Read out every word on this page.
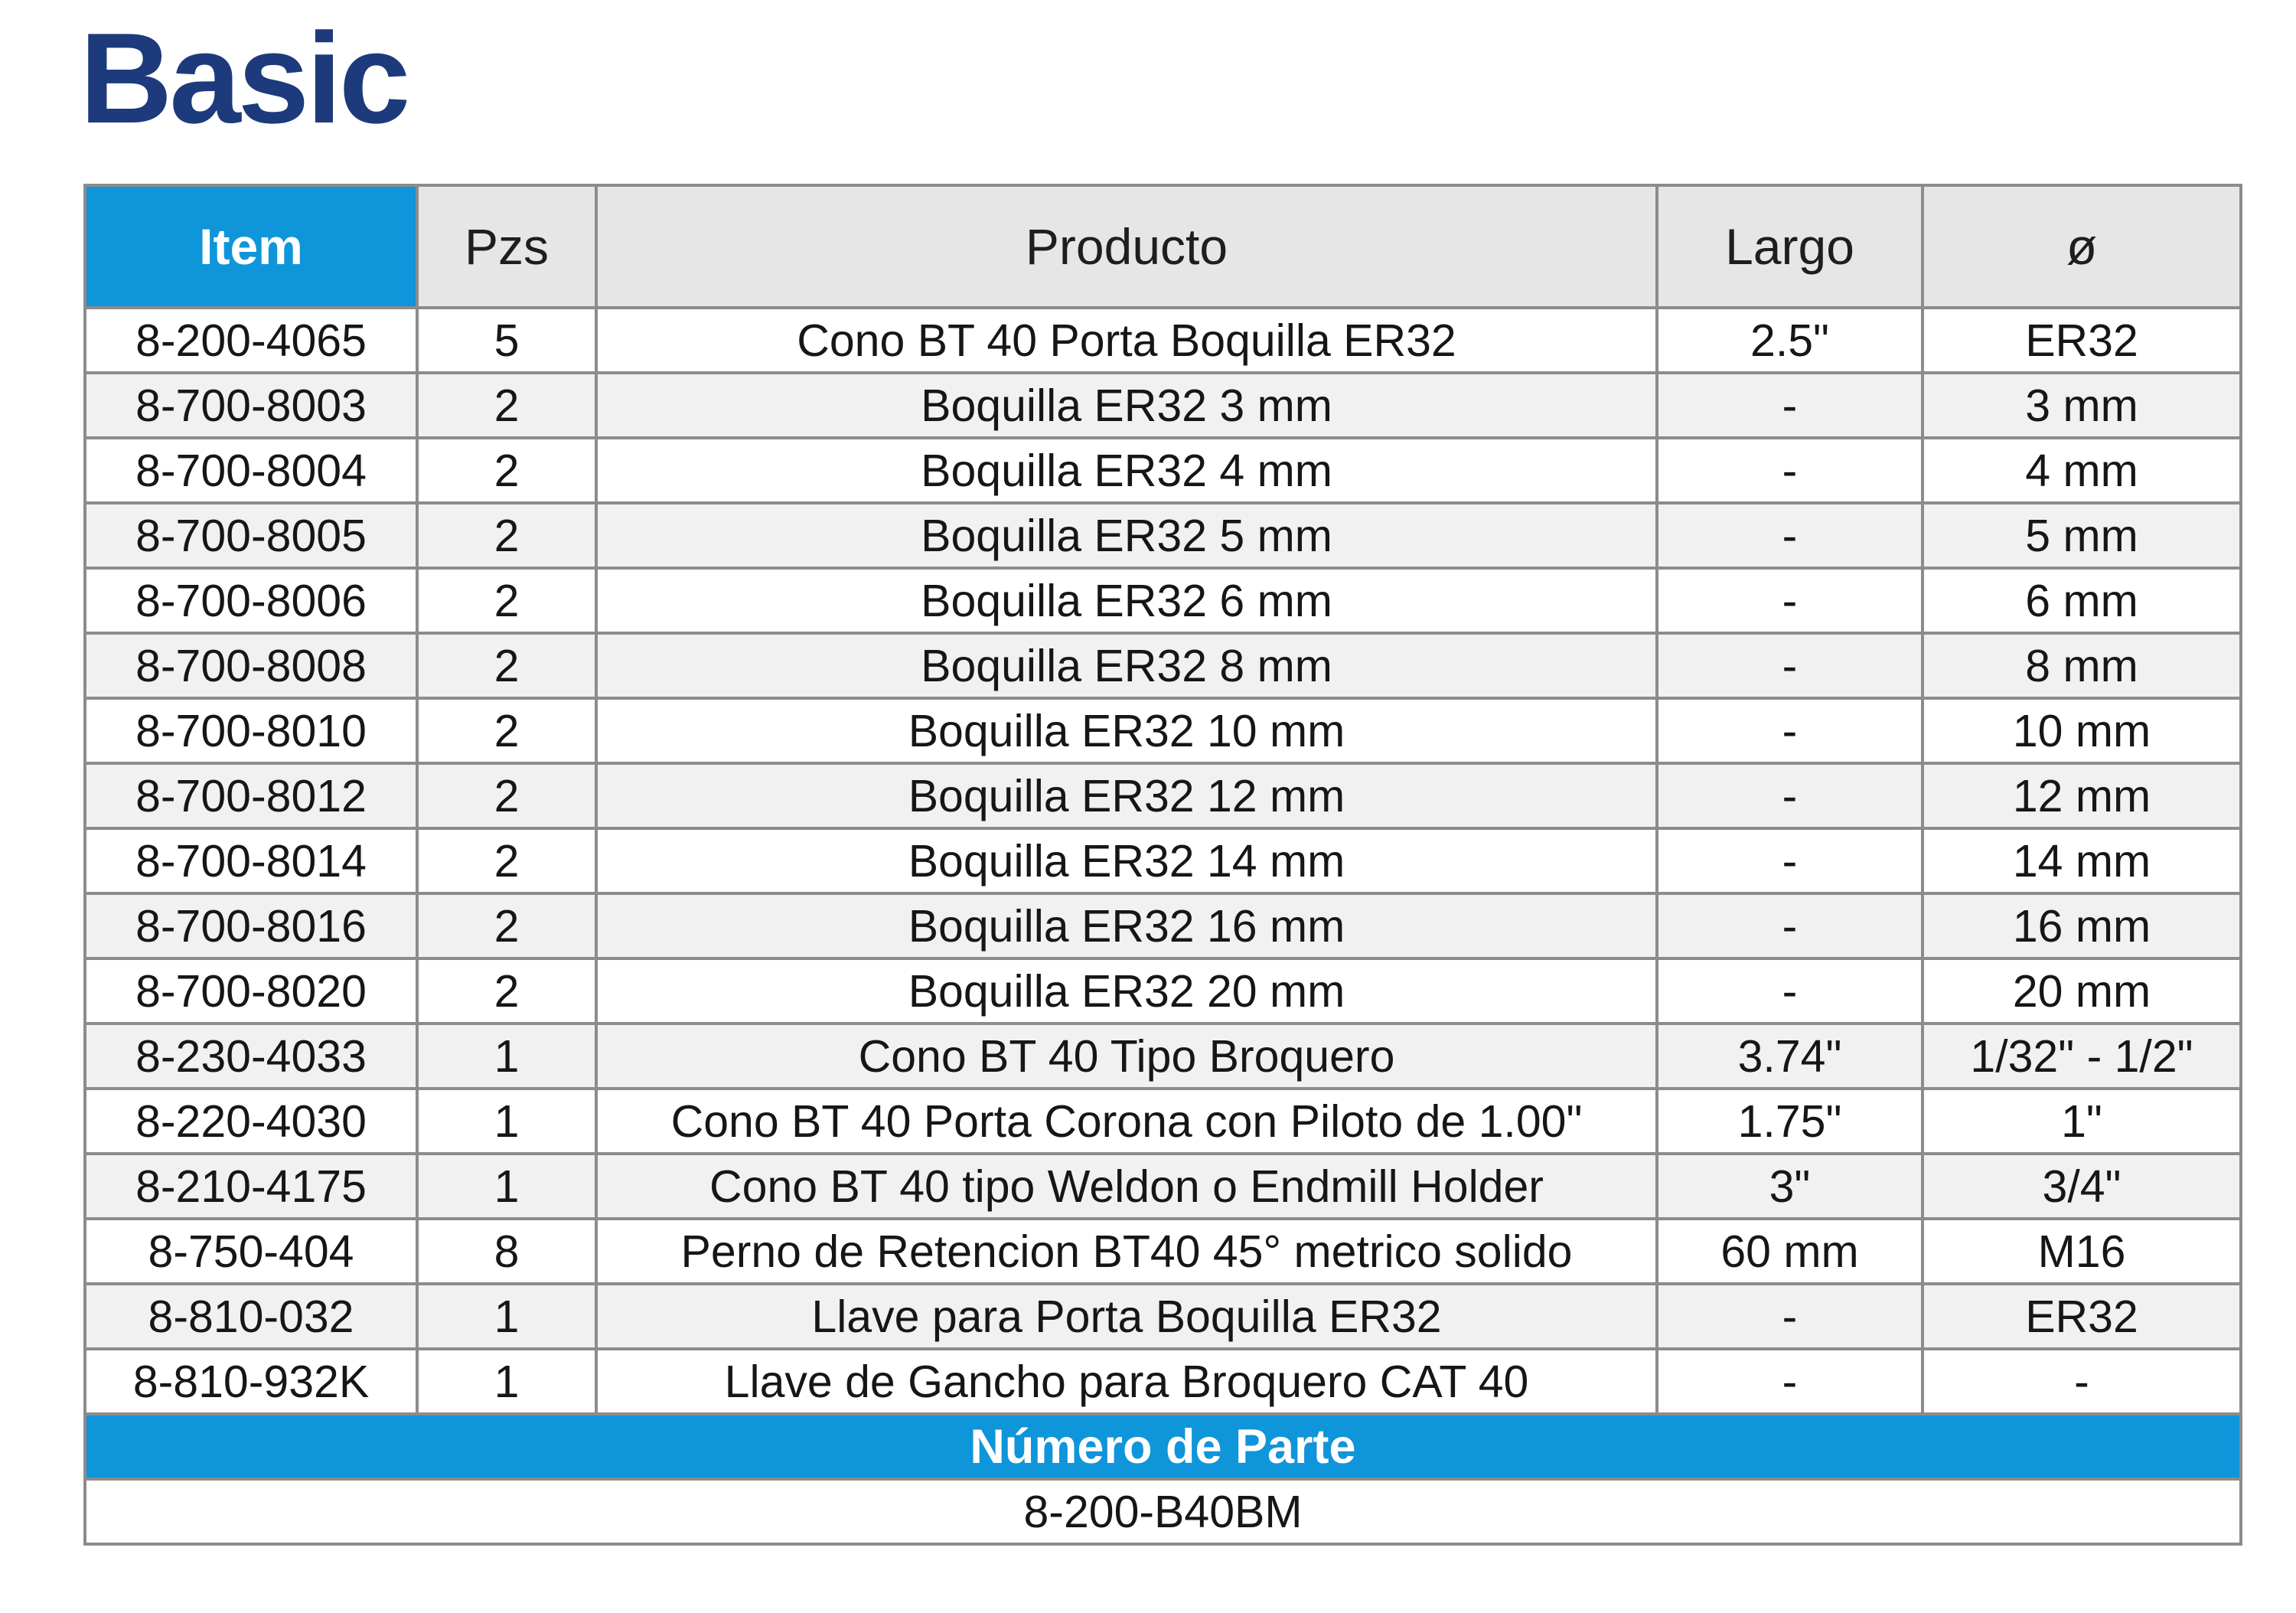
Basic
Item	Pzs	Producto	Largo	ø
8-200-4065	5	Cono BT 40 Porta Boquilla ER32	2.5"	ER32
8-700-8003	2	Boquilla ER32 3 mm	-	3 mm
8-700-8004	2	Boquilla ER32 4 mm	-	4 mm
8-700-8005	2	Boquilla ER32 5 mm	-	5 mm
8-700-8006	2	Boquilla ER32 6 mm	-	6 mm
8-700-8008	2	Boquilla ER32 8 mm	-	8 mm
8-700-8010	2	Boquilla ER32 10 mm	-	10 mm
8-700-8012	2	Boquilla ER32 12 mm	-	12 mm
8-700-8014	2	Boquilla ER32 14 mm	-	14 mm
8-700-8016	2	Boquilla ER32 16 mm	-	16 mm
8-700-8020	2	Boquilla ER32 20 mm	-	20 mm
8-230-4033	1	Cono BT 40 Tipo Broquero	3.74"	1/32" - 1/2"
8-220-4030	1	Cono BT 40 Porta Corona con Piloto de 1.00"	1.75"	1"
8-210-4175	1	Cono BT 40 tipo Weldon o Endmill Holder	3"	3/4"
8-750-404	8	Perno de Retencion BT40 45° metrico solido	60 mm	M16
8-810-032	1	Llave para Porta Boquilla ER32	-	ER32
8-810-932K	1	Llave de Gancho para Broquero CAT 40	-	-
Número de Parte				
8-200-B40BM				
